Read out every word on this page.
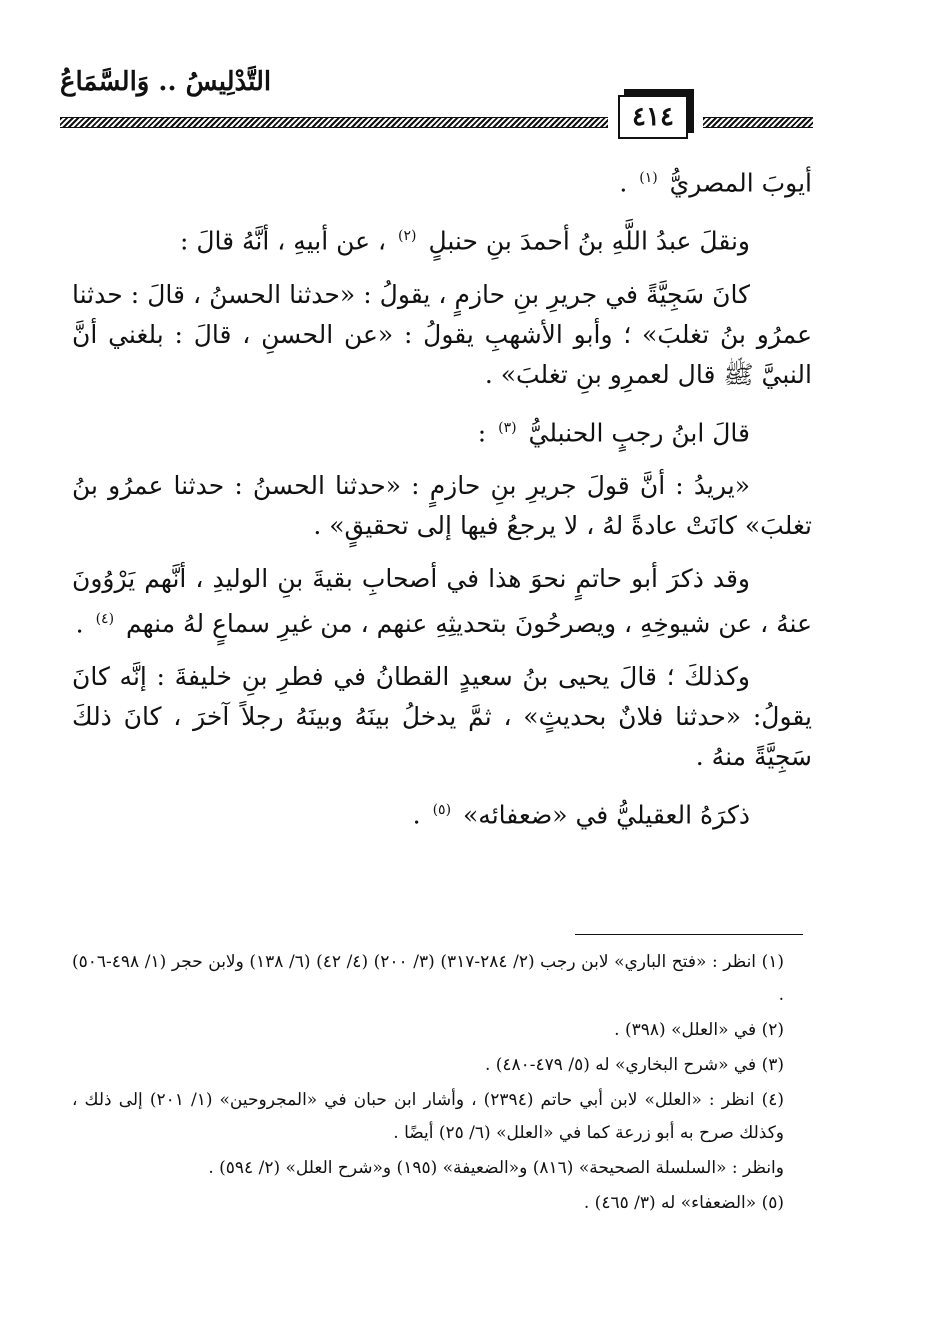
التَّدْلِيسُ .. وَالسَّمَاعُ
٤١٤

أيوبَ المصريُّ $^{(١)}$ .

ونقلَ عبدُ اللَّهِ بنُ أحمدَ بنِ حنبلٍ $^{(٢)}$ ، عن أبيهِ ، أنَّهُ قالَ :

كانَ سَجِيَّةً في جريرِ بنِ حازمٍ ، يقولُ : «حدثنا الحسنُ ، قالَ : حدثنا عمرُو بنُ تغلبَ» ؛ وأبو الأشهبِ يقولُ : «عن الحسنِ ، قالَ : بلغني أنَّ النبيَّ ﷺ قال لعمرِو بنِ تغلبَ» .

قالَ ابنُ رجبٍ الحنبليُّ $^{(٣)}$ :

«يريدُ : أنَّ قولَ جريرِ بنِ حازمٍ : «حدثنا الحسنُ : حدثنا عمرُو بنُ تغلبَ» كانَتْ عادةً لهُ ، لا يرجعُ فيها إلى تحقيقٍ» .

وقد ذكرَ أبو حاتمٍ نحوَ هذا في أصحابِ بقيةَ بنِ الوليدِ ، أنَّهم يَرْوُونَ عنهُ ، عن شيوخِهِ ، ويصرحُونَ بتحديثِهِ عنهم ، من غيرِ سماعٍ لهُ منهم $^{(٤)}$ .

وكذلكَ ؛ قالَ يحيى بنُ سعيدٍ القطانُ في فطرِ بنِ خليفةَ : إنَّه كانَ يقولُ: «حدثنا فلانٌ بحديثٍ» ، ثمَّ يدخلُ بينَهُ وبينَهُ رجلاً آخرَ ، كانَ ذلكَ سَجِيَّةً منهُ .

ذكرَهُ العقيليُّ في «ضعفائه» $^{(٥)}$ .

(١) انظر : «فتح الباري» لابن رجب (٢/ ٢٨٤-٣١٧) (٣/ ٢٠٠) (٤/ ٤٢) (٦/ ١٣٨) ولابن حجر (١/ ٤٩٨-٥٠٦) .

(٢) في «العلل» (٣٩٨) .

(٣) في «شرح البخاري» له (٥/ ٤٧٩-٤٨٠) .

(٤) انظر : «العلل» لابن أبي حاتم (٢٣٩٤) ، وأشار ابن حبان في «المجروحين» (١/ ٢٠١) إلى ذلك ، وكذلك صرح به أبو زرعة كما في «العلل» (٦/ ٢٥) أيضًا .

وانظر : «السلسلة الصحيحة» (٨١٦) و«الضعيفة» (١٩٥) و«شرح العلل» (٢/ ٥٩٤) .

(٥) «الضعفاء» له (٣/ ٤٦٥) .
